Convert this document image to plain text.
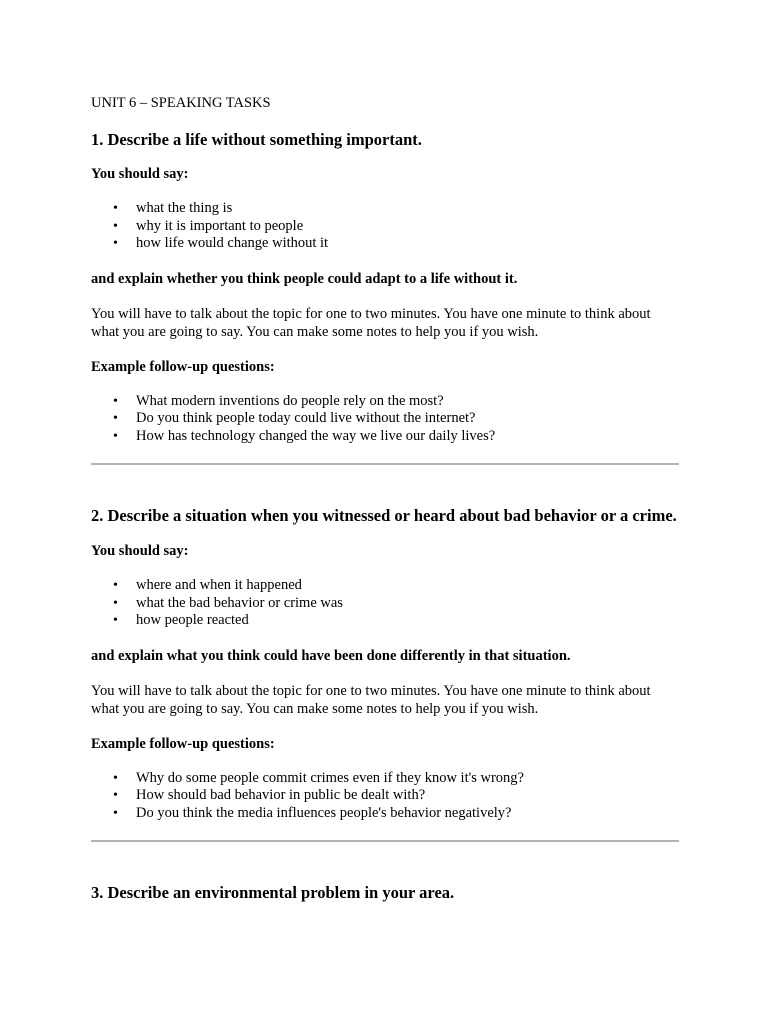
UNIT 6 – SPEAKING TASKS
1. Describe a life without something important.
You should say:
• what the thing is
• why it is important to people
• how life would change without it
and explain whether you think people could adapt to a life without it.
You will have to talk about the topic for one to two minutes. You have one minute to think about what you are going to say. You can make some notes to help you if you wish.
Example follow-up questions:
• What modern inventions do people rely on the most?
• Do you think people today could live without the internet?
• How has technology changed the way we live our daily lives?
2. Describe a situation when you witnessed or heard about bad behavior or a crime.
You should say:
• where and when it happened
• what the bad behavior or crime was
• how people reacted
and explain what you think could have been done differently in that situation.
You will have to talk about the topic for one to two minutes. You have one minute to think about what you are going to say. You can make some notes to help you if you wish.
Example follow-up questions:
• Why do some people commit crimes even if they know it's wrong?
• How should bad behavior in public be dealt with?
• Do you think the media influences people's behavior negatively?
3. Describe an environmental problem in your area.
